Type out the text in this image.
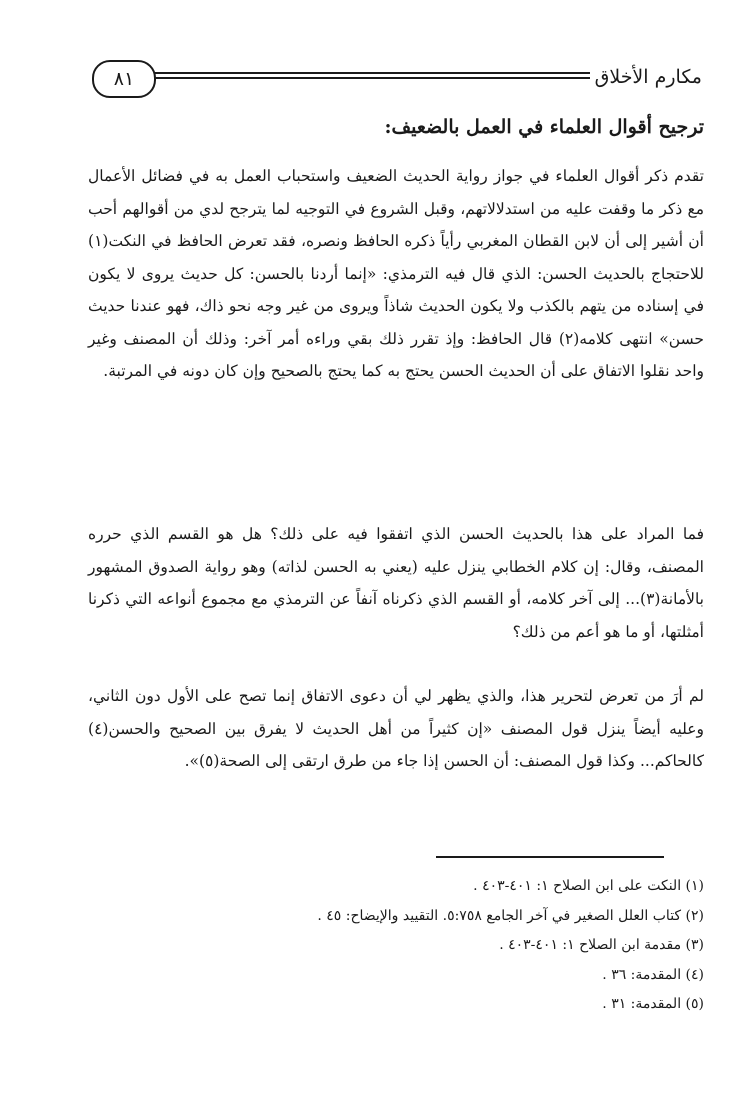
مكارم الأخلاق
٨١
ترجيح أقوال العلماء في العمل بالضعيف:
تقدم ذكر أقوال العلماء في جواز رواية الحديث الضعيف واستحباب العمل به في فضائل الأعمال مع ذكر ما وقفت عليه من استدلالاتهم، وقبل الشروع في التوجيه لما يترجح لدي من أقوالهم أحب أن أشير إلى أن لابن القطان المغربي رأياً ذكره الحافظ ونصره، فقد تعرض الحافظ في النكت(١) للاحتجاج بالحديث الحسن: الذي قال فيه الترمذي: «إنما أردنا بالحسن: كل حديث يروى لا يكون في إسناده من يتهم بالكذب ولا يكون الحديث شاذاً ويروى من غير وجه نحو ذاك، فهو عندنا حديث حسن» انتهى كلامه(٢) قال الحافظ: وإذ تقرر ذلك بقي وراءه أمر آخر: وذلك أن المصنف وغير واحد نقلوا الاتفاق على أن الحديث الحسن يحتج به كما يحتج بالصحيح وإن كان دونه في المرتبة.
فما المراد على هذا بالحديث الحسن الذي اتفقوا فيه على ذلك؟ هل هو القسم الذي حرره المصنف، وقال: إن كلام الخطابي ينزل عليه (يعني به الحسن لذاته) وهو رواية الصدوق المشهور بالأمانة(٣)... إلى آخر كلامه، أو القسم الذي ذكرناه آنفاً عن الترمذي مع مجموع أنواعه التي ذكرنا أمثلتها، أو ما هو أعم من ذلك؟
لم أرَ من تعرض لتحرير هذا، والذي يظهر لي أن دعوى الاتفاق إنما تصح على الأول دون الثاني، وعليه أيضاً ينزل قول المصنف «إن كثيراً من أهل الحديث لا يفرق بين الصحيح والحسن(٤) كالحاكم... وكذا قول المصنف: أن الحسن إذا جاء من طرق ارتقى إلى الصحة(٥)».
(١) النكت على ابن الصلاح ١: ٤٠١-٤٠٣ .
(٢) كتاب العلل الصغير في آخر الجامع ٥:٧٥٨. التقييد والإيضاح: ٤٥ .
(٣) مقدمة ابن الصلاح ١: ٤٠١-٤٠٣ .
(٤) المقدمة: ٣٦ .
(٥) المقدمة: ٣١ .
